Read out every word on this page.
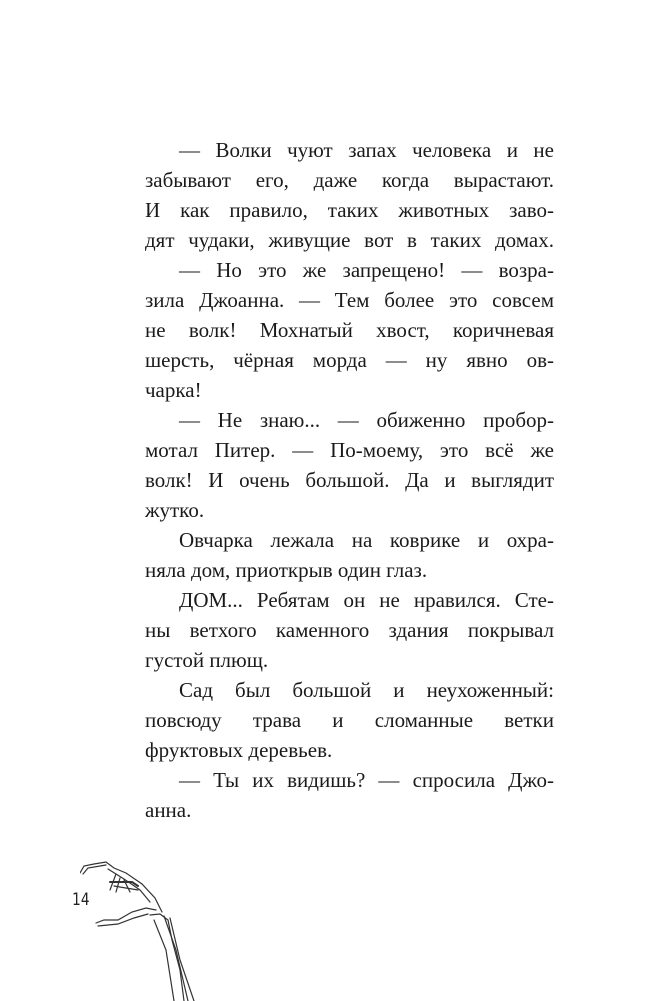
— Волки чуют запах человека и не
забывают его, даже когда вырастают.
И как правило, таких животных заво-
дят чудаки, живущие вот в таких домах.
— Но это же запрещено! — возра-
зила Джоанна. — Тем более это совсем
не волк! Мохнатый хвост, коричневая
шерсть, чёрная морда — ну явно ов-
чарка!
— Не знаю... — обиженно пробор-
мотал Питер. — По-моему, это всё же
волк! И очень большой. Да и выглядит
жутко.
Овчарка лежала на коврике и охра-
няла дом, приоткрыв один глаз.
ДОМ... Ребятам он не нравился. Сте-
ны ветхого каменного здания покрывал
густой плющ.
Сад был большой и неухоженный:
повсюду трава и сломанные ветки
фруктовых деревьев.
— Ты их видишь? — спросила Джо-
анна.
14
